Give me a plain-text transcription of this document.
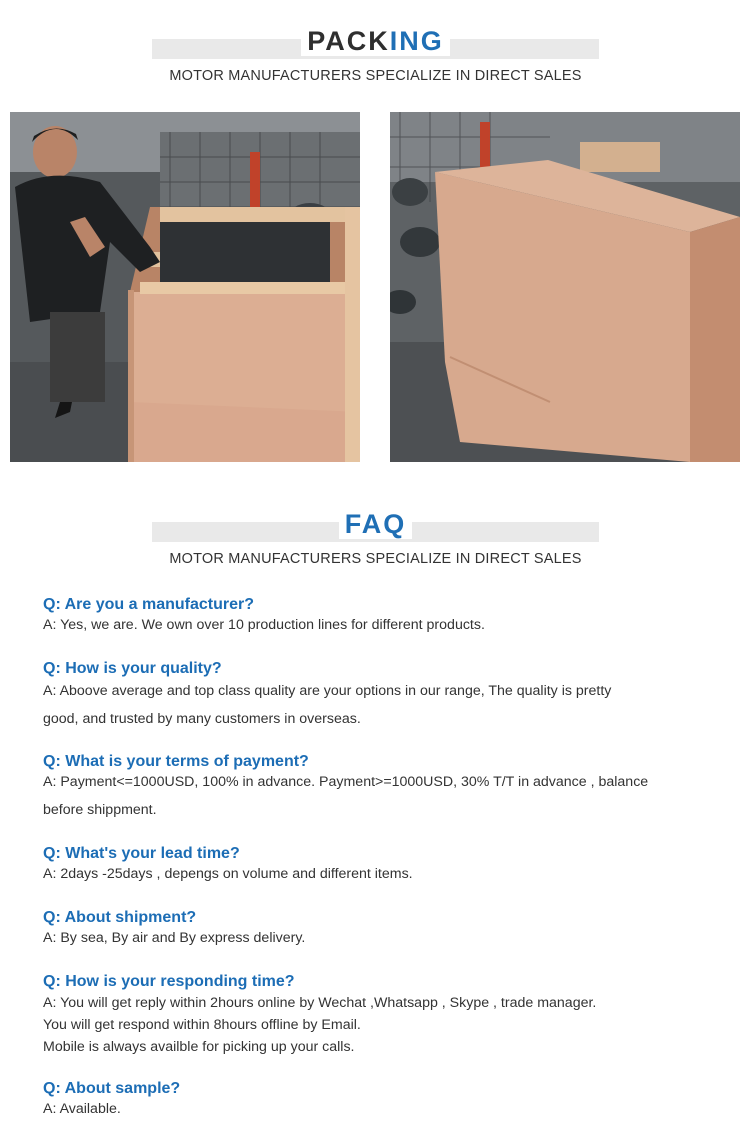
PACKING
MOTOR MANUFACTURERS SPECIALIZE IN DIRECT SALES
FAQ
MOTOR MANUFACTURERS SPECIALIZE IN DIRECT SALES
Q: Are you a manufacturer?
A: Yes, we are. We own over 10 production lines for different products.
Q: How is your quality?
A: Aboove average and top class quality are your options in our range, The quality is pretty
good, and trusted by many customers in overseas.
Q: What is your terms of payment?
A: Payment<=1000USD, 100% in advance. Payment>=1000USD, 30% T/T in advance , balance
before shippment.
Q: What's your lead time?
A: 2days -25days , depengs on volume and different items.
Q: About shipment?
A: By sea, By air and By express delivery.
Q: How is your responding time?
A: You will get reply within 2hours online by Wechat ,Whatsapp , Skype , trade manager.
You will get respond within 8hours offline by Email.
Mobile is always availble for picking up your calls.
Q: About sample?
A: Available.
